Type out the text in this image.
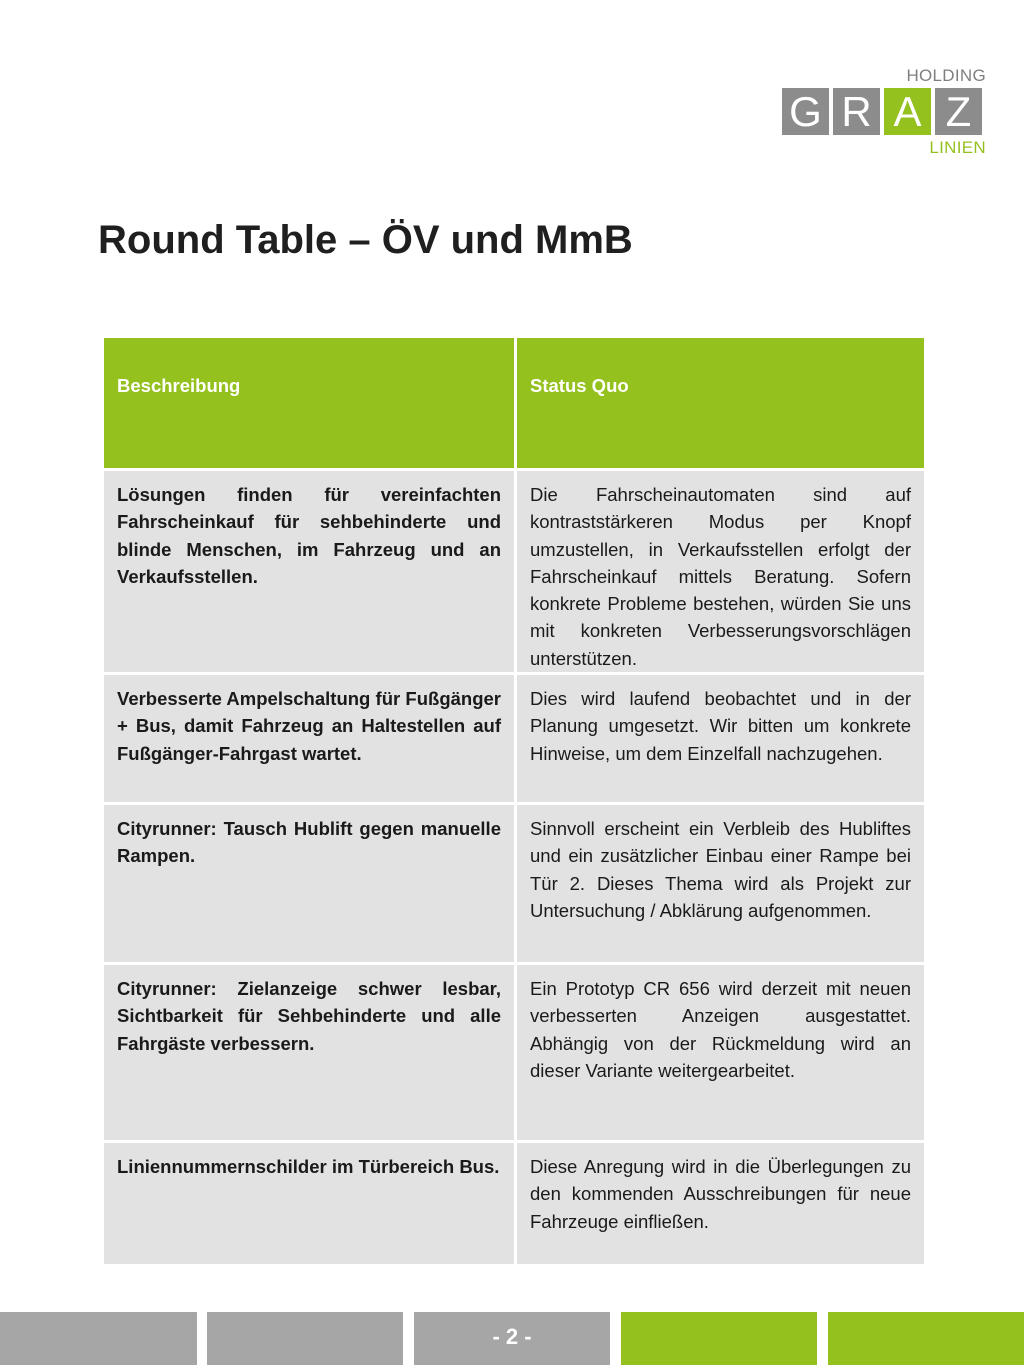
HOLDING
G R A Z
LINIEN
Round Table – ÖV und MmB
Beschreibung	Status Quo
Lösungen finden für vereinfachten Fahrscheinkauf für sehbehinderte und blinde Menschen, im Fahrzeug und an Verkaufsstellen.
Die Fahrscheinautomaten sind auf kontraststärkeren Modus per Knopf umzustellen, in Verkaufsstellen erfolgt der Fahrscheinkauf mittels Beratung. Sofern konkrete Probleme bestehen, würden Sie uns mit konkreten Verbesserungsvorschlägen unterstützen.
Verbesserte Ampelschaltung für Fußgänger + Bus, damit Fahrzeug an Haltestellen auf Fußgänger-Fahrgast wartet.
Dies wird laufend beobachtet und in der Planung umgesetzt. Wir bitten um konkrete Hinweise, um dem Einzelfall nachzugehen.
Cityrunner: Tausch Hublift gegen manuelle Rampen.
Sinnvoll erscheint ein Verbleib des Hubliftes und ein zusätzlicher Einbau einer Rampe bei Tür 2. Dieses Thema wird als Projekt zur Untersuchung / Abklärung aufgenommen.
Cityrunner: Zielanzeige schwer lesbar, Sichtbarkeit für Sehbehinderte und alle Fahrgäste verbessern.
Ein Prototyp CR 656 wird derzeit mit neuen verbesserten Anzeigen ausgestattet. Abhängig von der Rückmeldung wird an dieser Variante weitergearbeitet.
Liniennummernschilder im Türbereich Bus.	Diese Anregung wird in die Überlegungen zu den kommenden Ausschreibungen für neue Fahrzeuge einfließen.
- 2 -
